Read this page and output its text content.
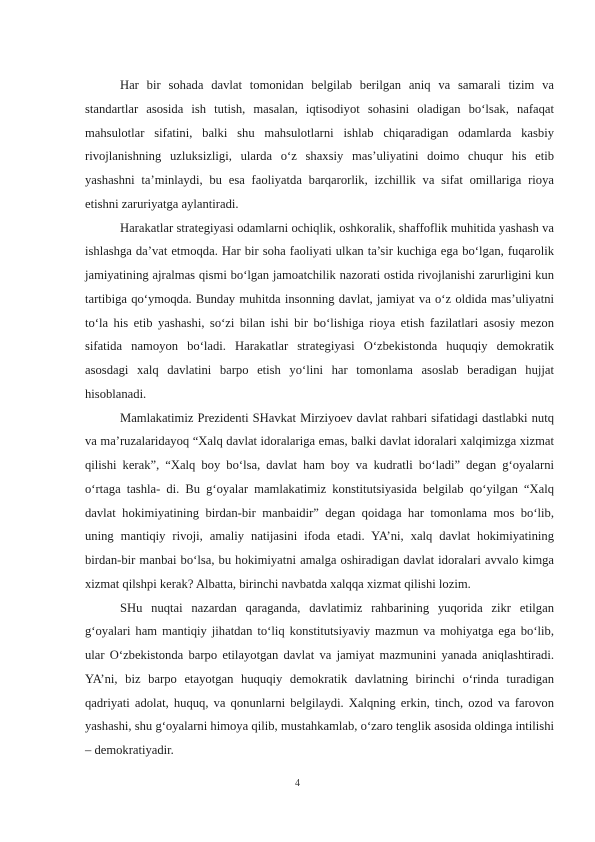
Har bir sohada davlat tomonidan belgilab berilgan aniq va samarali tizim va standartlar asosida ish tutish, masalan, iqtisodiyot sohasini oladigan bo‘lsak, nafaqat mahsulotlar sifatini, balki shu mahsulotlarni ishlab chiqaradigan odamlarda kasbiy rivojlanishning uzluksizligi, ularda o‘z shaxsiy mas’uliyatini doimo chuqur his etib yashashni ta’minlaydi, bu esa faoliyatda barqarorlik, izchillik va sifat omillariga rioya etishni zaruriyatga aylantiradi.

Harakatlar strategiyasi odamlarni ochiqlik, oshkoralik, shaffoflik muhitida yashash va ishlashga da’vat etmoqda. Har bir soha faoliyati ulkan ta’sir kuchiga ega bo‘lgan, fuqarolik jamiyatining ajralmas qismi bo‘lgan jamoatchilik nazorati ostida rivojlanishi zarurligini kun tartibiga qo‘ymoqda. Bunday muhitda insonning davlat, jamiyat va o‘z oldida mas’uliyatni to‘la his etib yashashi, so‘zi bilan ishi bir bo‘lishiga rioya etish fazilatlari asosiy mezon sifatida namoyon bo‘ladi. Harakatlar strategiyasi O‘zbekistonda huquqiy demokratik asosdagi xalq davlatini barpo etish yo‘lini har tomonlama asoslab beradigan hujjat hisoblanadi.

Mamlakatimiz Prezidenti SHavkat Mirziyoev davlat rahbari sifatidagi dastlabki nutq va ma’ruzalaridayoq “Xalq davlat idoralariga emas, balki davlat idoralari xalqimizga xizmat qilishi kerak”, “Xalq boy bo‘lsa, davlat ham boy va kudratli bo‘ladi” degan g‘oyalarni o‘rtaga tashla- di. Bu g‘oyalar mamlakatimiz konstitutsiyasida belgilab qo‘yilgan “Xalq davlat hokimiyatining birdan-bir manbaidir” degan qoidaga har tomonlama mos bo‘lib, uning mantiqiy rivoji, amaliy natijasini ifoda etadi. YA’ni, xalq davlat hokimiyatining birdan-bir manbai bo‘lsa, bu hokimiyatni amalga oshiradigan davlat idoralari avvalo kimga xizmat qilshpi kerak? Albatta, birinchi navbatda xalqqa xizmat qilishi lozim.

SHu nuqtai nazardan qaraganda, davlatimiz rahbarining yuqorida zikr etilgan g‘oyalari ham mantiqiy jihatdan to‘liq konstitutsiyaviy mazmun va mohiyatga ega bo‘lib, ular O‘zbekistonda barpo etilayotgan davlat va jamiyat mazmunini yanada aniqlashtiradi. YA’ni, biz barpo etayotgan huquqiy demokratik davlatning birinchi o‘rinda turadigan qadriyati adolat, huquq, va qonunlarni belgilaydi. Xalqning erkin, tinch, ozod va farovon yashashi, shu g‘oyalarni himoya qilib, mustahkamlab, o‘zaro tenglik asosida oldinga intilishi – demokratiyadir.

4
